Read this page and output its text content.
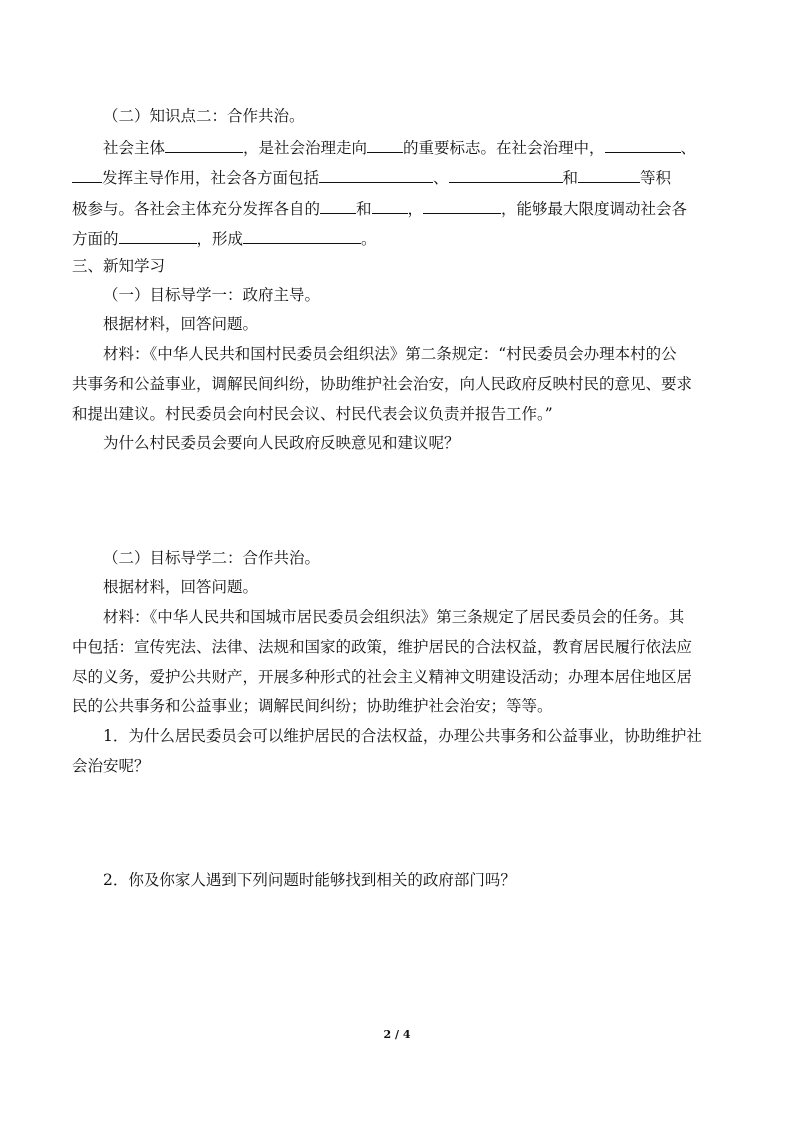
（二）知识点二：合作共治。
社会主体	，是社会治理走向 的重要标志。在社会治理中，	、
发挥主导作用，社会各方面包括	、	和	等积
极参与。各社会主体充分发挥各自的 和 ，	，能够最大限度调动社会各
方面的	，形成	。
三、新知学习
（一）目标导学一：政府主导。
根据材料，回答问题。
材料：《中华人民共和国村民委员会组织法》第二条规定：“村民委员会办理本村的公
共事务和公益事业，调解民间纠纷，协助维护社会治安，向人民政府反映村民的意见、要求
和提出建议。村民委员会向村民会议、村民代表会议负责并报告工作。”
为什么村民委员会要向人民政府反映意见和建议呢？
（二）目标导学二：合作共治。
根据材料，回答问题。
材料：《中华人民共和国城市居民委员会组织法》第三条规定了居民委员会的任务。其
中包括：宣传宪法、法律、法规和国家的政策，维护居民的合法权益，教育居民履行依法应
尽的义务，爱护公共财产，开展多种形式的社会主义精神文明建设活动；办理本居住地区居
民的公共事务和公益事业；调解民间纠纷；协助维护社会治安；等等。
1．为什么居民委员会可以维护居民的合法权益，办理公共事务和公益事业，协助维护社
会治安呢？
2．你及你家人遇到下列问题时能够找到相关的政府部门吗？
2 / 4
